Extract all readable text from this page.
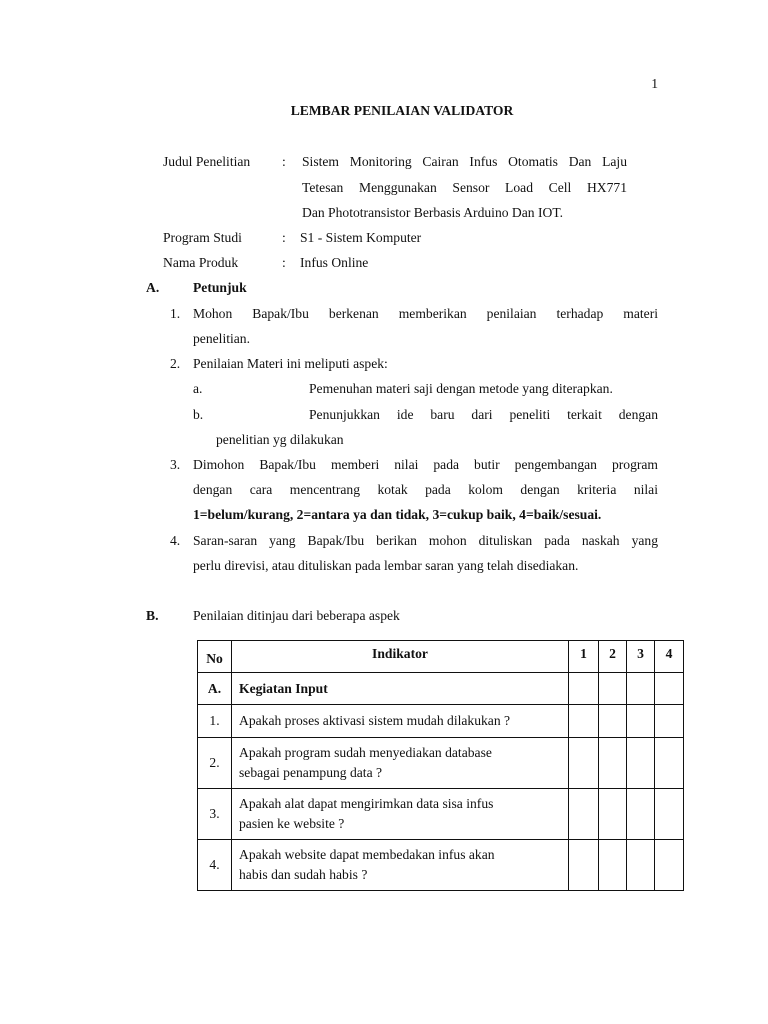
1
LEMBAR PENILAIAN VALIDATOR
Judul Penelitian : Sistem Monitoring Cairan Infus Otomatis Dan Laju
Tetesan Menggunakan Sensor Load Cell HX771
Dan Phototransistor Berbasis Arduino Dan IOT.
Program Studi	: S1 - Sistem Komputer
Nama Produk	: Infus Online
A. Petunjuk
1. Mohon Bapak/Ibu berkenan memberikan penilaian terhadap materi
penelitian.
2. Penilaian Materi ini meliputi aspek:
a.	Pemenuhan materi saji dengan metode yang diterapkan.
b.	Penunjukkan ide baru dari peneliti terkait dengan
penelitian yg dilakukan
3. Dimohon Bapak/Ibu memberi nilai pada butir pengembangan program
dengan cara mencentrang kotak pada kolom dengan kriteria nilai
1=belum/kurang, 2=antara ya dan tidak, 3=cukup baik, 4=baik/sesuai.
4. Saran-saran yang Bapak/Ibu berikan mohon dituliskan pada naskah yang
perlu direvisi, atau dituliskan pada lembar saran yang telah disediakan.
B.	Penilaian ditinjau dari beberapa aspek
No	Indikator	1	2	3	4
A.	Kegiatan Input				
1.	Apakah proses aktivasi sistem mudah dilakukan ?				
2.	Apakah program sudah menyediakan database
sebagai penampung data ?				
3.	Apakah alat dapat mengirimkan data sisa infus
pasien ke website ?				
4.	Apakah website dapat membedakan infus akan
habis dan sudah habis ?				
